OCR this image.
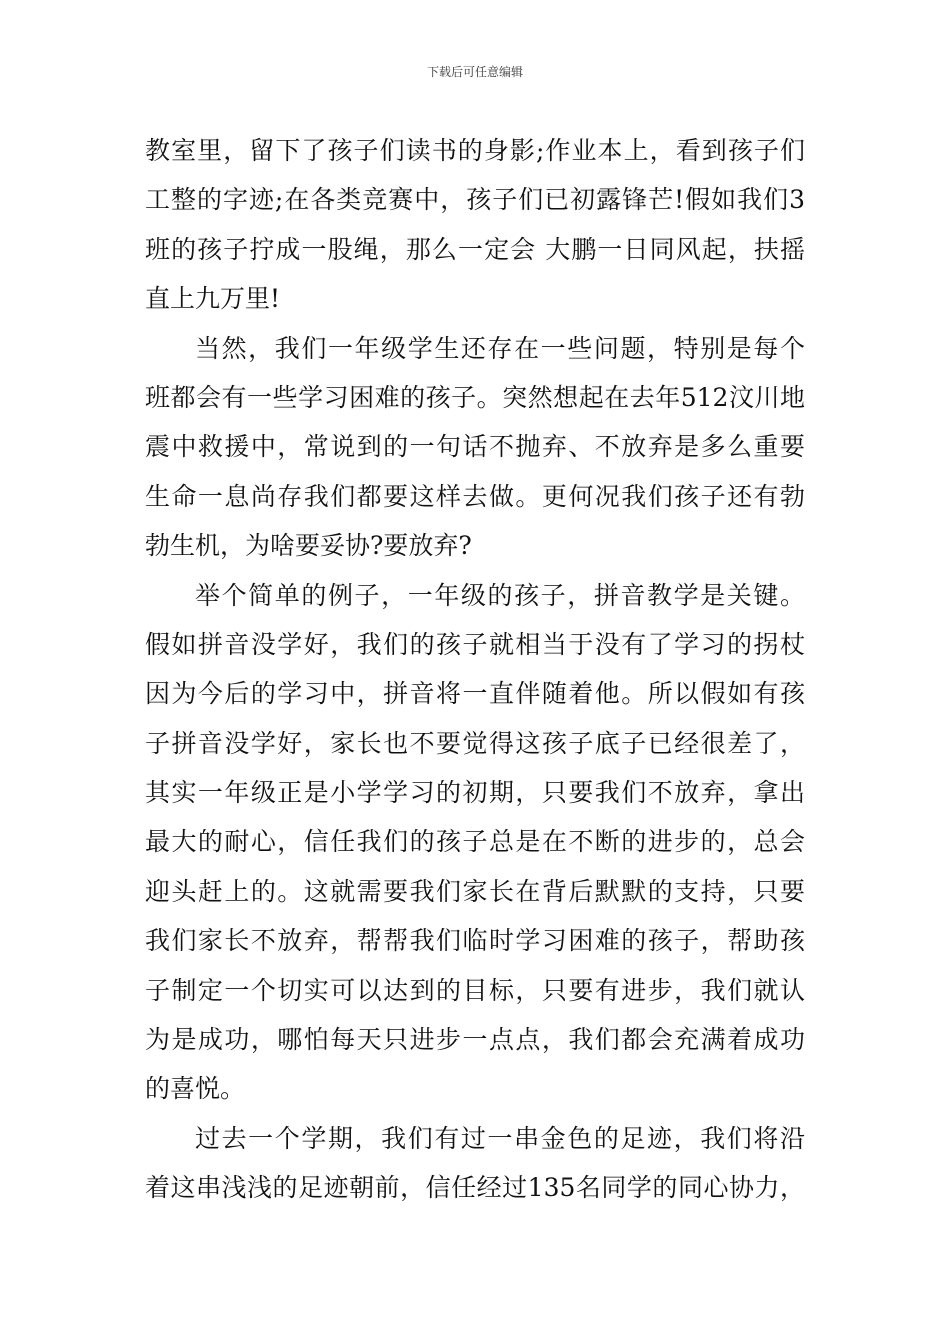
下载后可任意编辑
教室里，留下了孩子们读书的身影;作业本上，看到孩子们
工整的字迹;在各类竞赛中，孩子们已初露锋芒!假如我们3
班的孩子拧成一股绳，那么一定会 大鹏一日同风起，扶摇
直上九万里!
当然，我们一年级学生还存在一些问题，特别是每个
班都会有一些学习困难的孩子。突然想起在去年512汶川地
震中救援中，常说到的一句话不抛弃、不放弃是多么重要
生命一息尚存我们都要这样去做。更何况我们孩子还有勃
勃生机，为啥要妥协?要放弃?
举个简单的例子，一年级的孩子，拼音教学是关键。
假如拼音没学好，我们的孩子就相当于没有了学习的拐杖
因为今后的学习中，拼音将一直伴随着他。所以假如有孩
子拼音没学好，家长也不要觉得这孩子底子已经很差了，
其实一年级正是小学学习的初期，只要我们不放弃，拿出
最大的耐心，信任我们的孩子总是在不断的进步的，总会
迎头赶上的。这就需要我们家长在背后默默的支持，只要
我们家长不放弃，帮帮我们临时学习困难的孩子，帮助孩
子制定一个切实可以达到的目标，只要有进步，我们就认
为是成功，哪怕每天只进步一点点，我们都会充满着成功
的喜悦。
过去一个学期，我们有过一串金色的足迹，我们将沿
着这串浅浅的足迹朝前，信任经过135名同学的同心协力，
